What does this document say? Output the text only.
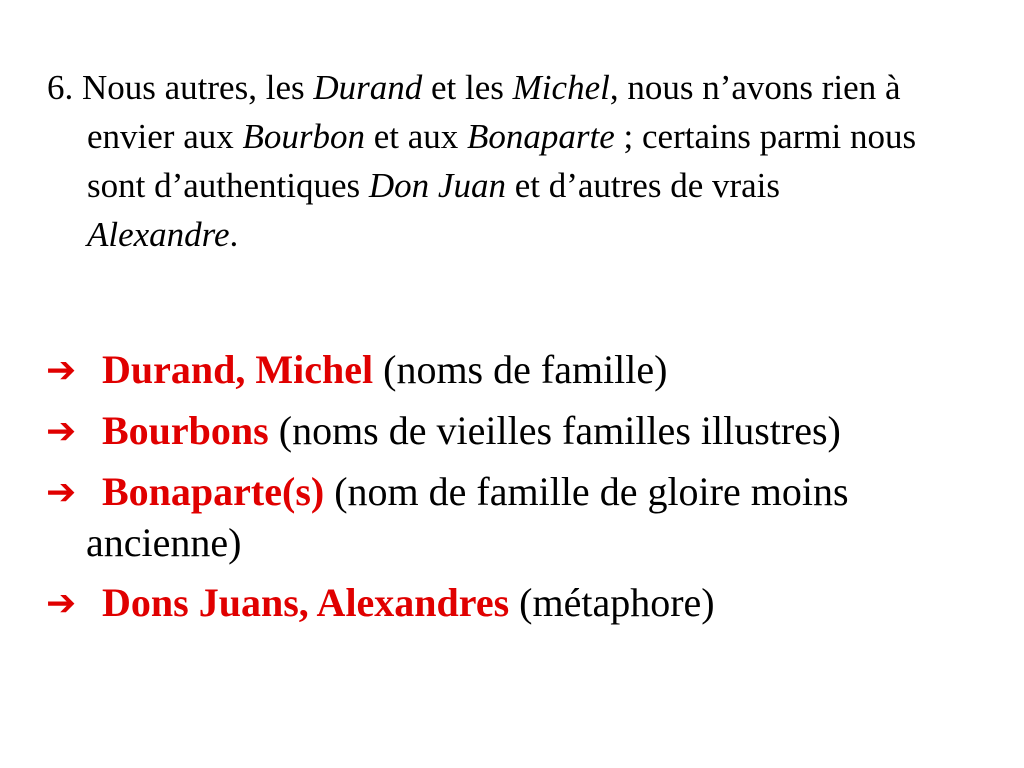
6. Nous autres, les Durand et les Michel, nous n’avons rien à envier aux Bourbon et aux Bonaparte ; certains parmi nous sont d’authentiques Don Juan et d’autres de vrais Alexandre.

➔ Durand, Michel (noms de famille)
➔ Bourbons (noms de vieilles familles illustres)
➔ Bonaparte(s) (nom de famille de gloire moins ancienne)
➔ Dons Juans, Alexandres (métaphore)
